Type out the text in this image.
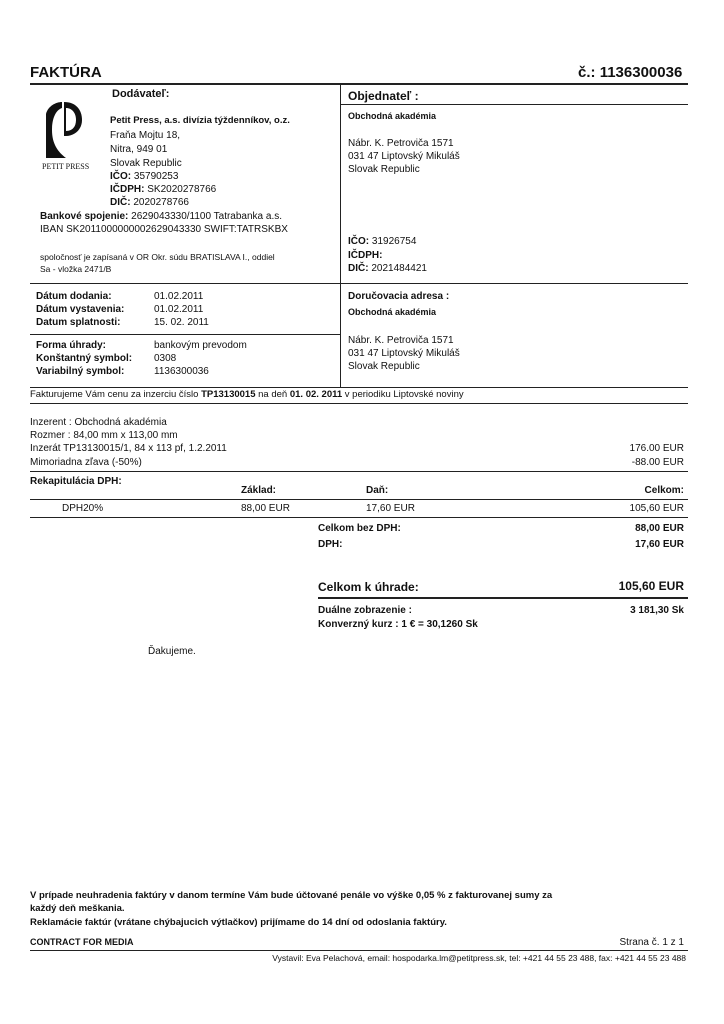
FAKTÚRA	č.: 1136300036
Dodávateľ:	Objednateľ :
PETIT PRESS
Petit Press, a.s. divízia týždenníkov, o.z.
Fraňa Mojtu 18,
Nitra, 949 01
Slovak Republic
IČO: 35790253
IČDPH: SK2020278766
DIČ: 2020278766
Bankové spojenie: 2629043330/1100 Tatrabanka a.s.
IBAN SK2011000000002629043330 SWIFT:TATRSKBX
spoločnosť je zapísaná v OR Okr. súdu BRATISLAVA I., oddiel
Sa - vložka 2471/B
Obchodná akadémia
Nábr. K. Petroviča 1571
031 47 Liptovský Mikuláš
Slovak Republic
IČO: 31926754
IČDPH:
DIČ: 2021484421
Dátum dodania:	01.02.2011
Dátum vystavenia:	01.02.2011
Datum splatnosti:	15. 02. 2011
Forma úhrady:	bankovým prevodom
Konštantný symbol: 0308
Variabilný symbol:	1136300036
Doručovacia adresa :
Obchodná akadémia
Nábr. K. Petroviča 1571
031 47 Liptovský Mikuláš
Slovak Republic
Fakturujeme Vám cenu za inzerciu číslo TP13130015 na deň 01. 02. 2011 v periodiku Liptovské noviny
Inzerent : Obchodná akadémia
Rozmer : 84,00 mm x 113,00 mm
Inzerát TP13130015/1, 84 x 113 pf, 1.2.2011	176.00 EUR
Mimoriadna zľava (-50%)	-88.00 EUR
Rekapitulácia DPH:
Základ:	Daň:	Celkom:
DPH20%	88,00 EUR	17,60 EUR	105,60 EUR
Celkom bez DPH:	88,00 EUR
DPH:	17,60 EUR
Celkom k úhrade:	105,60 EUR
Duálne zobrazenie :	3 181,30 Sk
Konverzný kurz : 1 € = 30,1260 Sk
Ďakujeme.
V prípade neuhradenia faktúry v danom termíne Vám bude účtované penále vo výške 0,05 % z fakturovanej sumy za
každý deň meškania.
Reklamácie faktúr (vrátane chýbajucich výtlačkov) prijímame do 14 dní od odoslania faktúry.
CONTRACT FOR MEDIA	Strana č. 1 z 1
Vystavil: Eva Pelachová, email: hospodarka.lm@petitpress.sk, tel: +421 44 55 23 488, fax: +421 44 55 23 488
